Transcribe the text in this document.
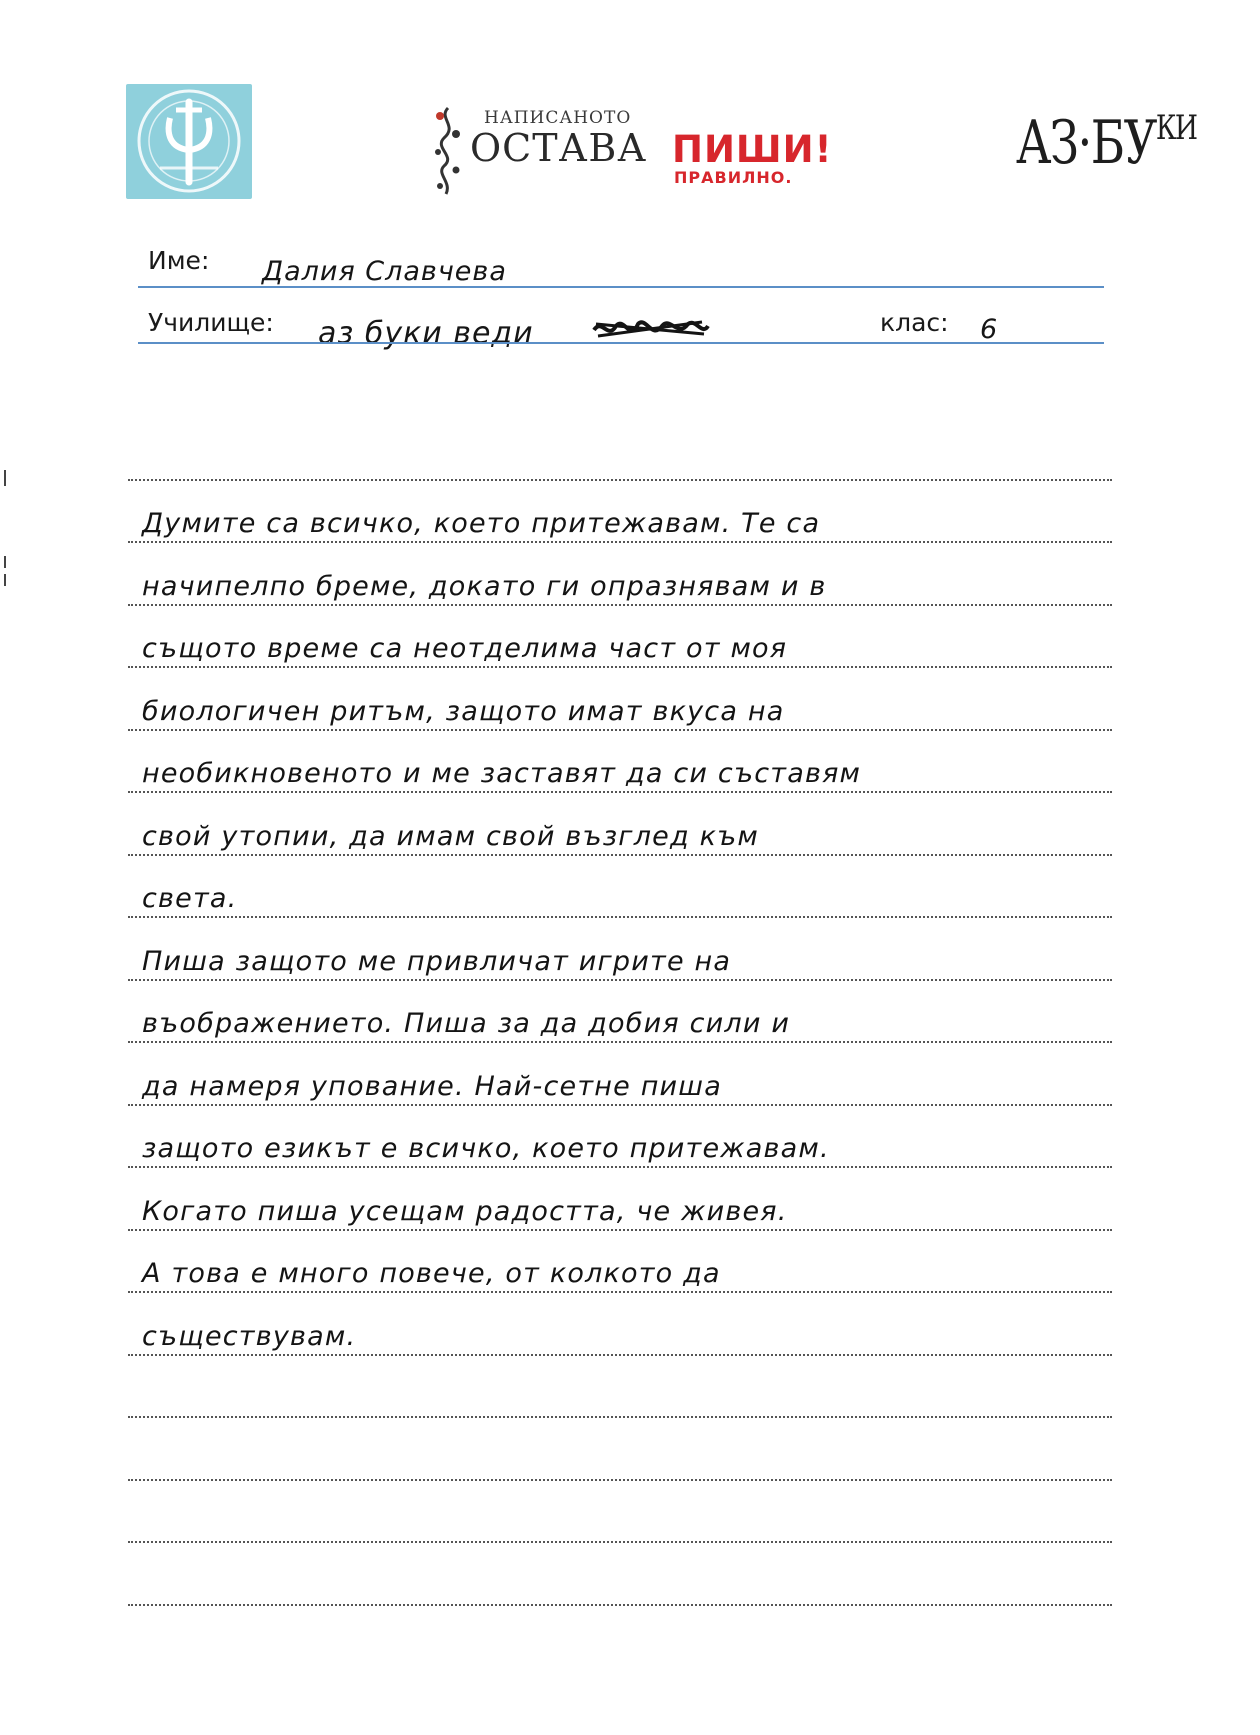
НАПИСАНОТО
ОСТАВА ПИШИ!
ПРАВИЛНО.	$АЗ\cdot БУ^{КИ}$
Име: Далия Славчева
Училище: аз буки веди	клас: 6
Думите са всичко, което притежавам. Те са
начипелпо бреме, докато ги опрaзнявам и в
същото време са неотделима част от моя
биологичен ритъм, защото имат вкуса на
необикновеното и ме заставят да си съставям
свой утопии, да имам свой възглед към
света.
Пиша защото ме привличат игрите на
въображението. Пиша за да добия сили и
да намеря упование. Най-сетне пиша
защото езикът е всичко, което притежавам.
Когато пиша усещам радостта, че живея.
А това е много повече, от колкото да
съществувам.
